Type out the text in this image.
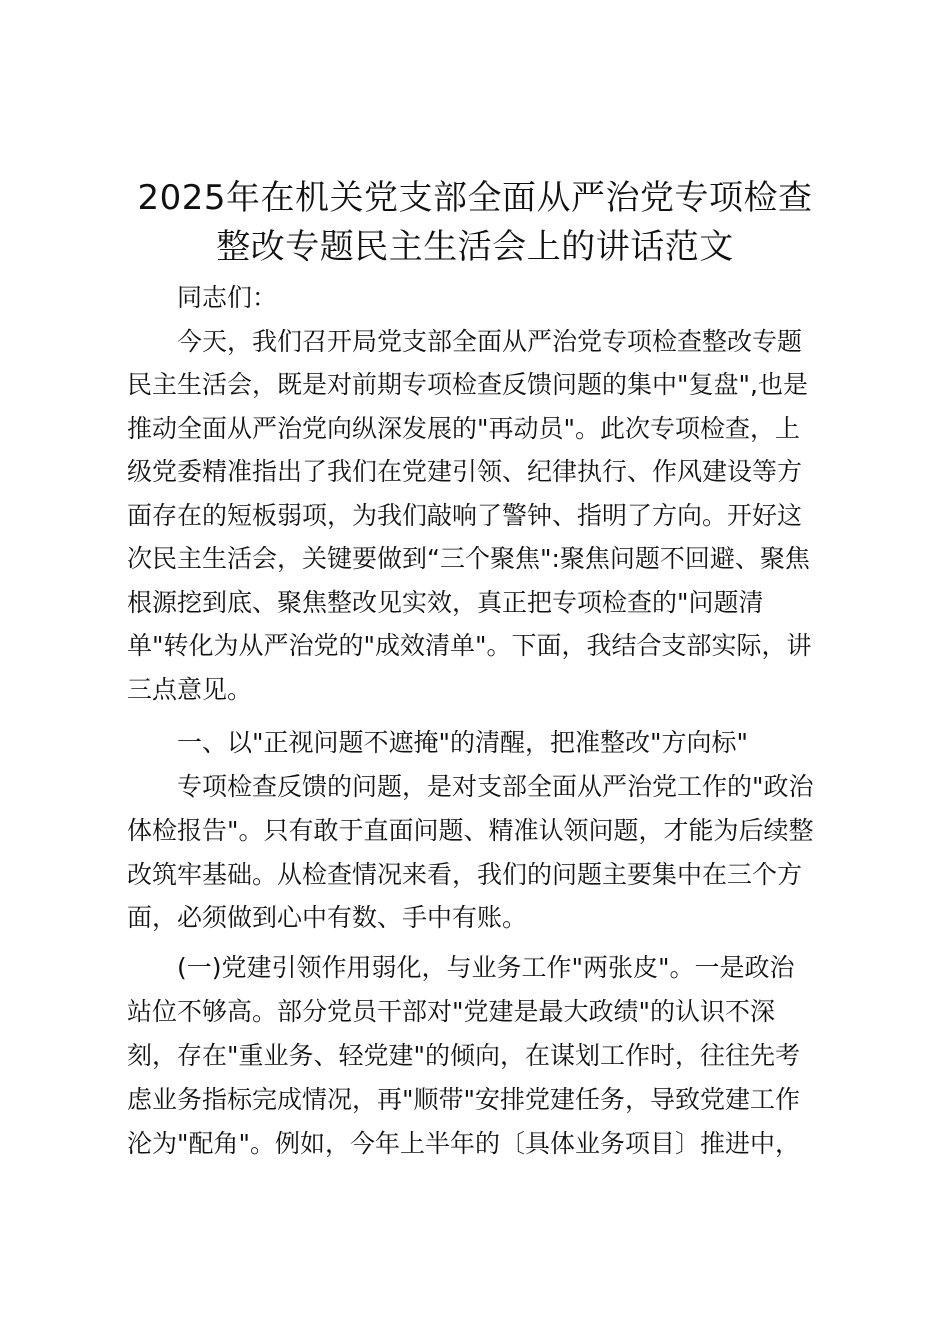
2025年在机关党支部全面从严治党专项检查
整改专题民主生活会上的讲话范文
同志们：
今天，我们召开局党支部全面从严治党专项检查整改专题
民主生活会，既是对前期专项检查反馈问题的集中"复盘",也是
推动全面从严治党向纵深发展的"再动员"。此次专项检查，上
级党委精准指出了我们在党建引领、纪律执行、作风建设等方
面存在的短板弱项，为我们敲响了警钟、指明了方向。开好这
次民主生活会，关键要做到“三个聚焦":聚焦问题不回避、聚焦
根源挖到底、聚焦整改见实效，真正把专项检查的"问题清
单"转化为从严治党的"成效清单"。下面，我结合支部实际，讲
三点意见。
一、以"正视问题不遮掩"的清醒，把准整改"方向标"
专项检查反馈的问题，是对支部全面从严治党工作的"政治
体检报告"。只有敢于直面问题、精准认领问题，才能为后续整
改筑牢基础。从检查情况来看，我们的问题主要集中在三个方
面，必须做到心中有数、手中有账。
(一)党建引领作用弱化，与业务工作"两张皮"。一是政治
站位不够高。部分党员干部对"党建是最大政绩"的认识不深
刻，存在"重业务、轻党建"的倾向，在谋划工作时，往往先考
虑业务指标完成情况，再"顺带"安排党建任务，导致党建工作
沦为"配角"。例如，今年上半年的〔具体业务项目〕推进中，
